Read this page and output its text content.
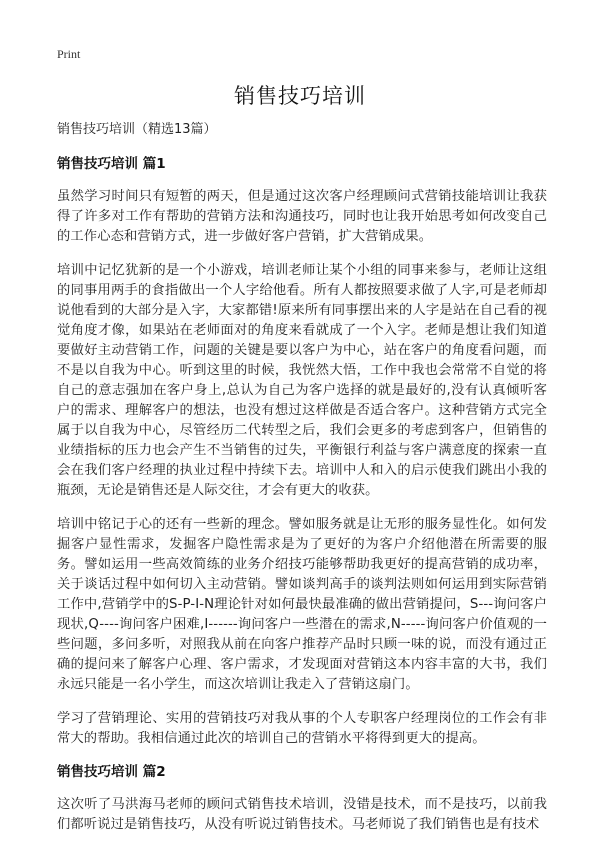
Print
销售技巧培训

销售技巧培训（精选13篇）

销售技巧培训 篇1

虽然学习时间只有短暂的两天，但是通过这次客户经理顾问式营销技能培训让我获得了许多对工作有帮助的营销方法和沟通技巧，同时也让我开始思考如何改变自己的工作心态和营销方式，进一步做好客户营销，扩大营销成果。

培训中记忆犹新的是一个小游戏，培训老师让某个小组的同事来参与，老师让这组的同事用两手的食指做出一个人字给他看。所有人都按照要求做了人字,可是老师却说他看到的大部分是入字，大家都错!原来所有同事摆出来的人字是站在自己看的视觉角度才像，如果站在老师面对的角度来看就成了一个入字。老师是想让我们知道要做好主动营销工作，问题的关键是要以客户为中心，站在客户的角度看问题，而不是以自我为中心。听到这里的时候，我恍然大悟，工作中我也会常常不自觉的将自己的意志强加在客户身上,总认为自己为客户选择的就是最好的,没有认真倾听客户的需求、理解客户的想法，也没有想过这样做是否适合客户。这种营销方式完全属于以自我为中心，尽管经历二代转型之后，我们会更多的考虑到客户，但销售的业绩指标的压力也会产生不当销售的过失，平衡银行利益与客户满意度的探索一直会在我们客户经理的执业过程中持续下去。培训中人和入的启示使我们跳出小我的瓶颈，无论是销售还是人际交往，才会有更大的收获。

培训中铭记于心的还有一些新的理念。譬如服务就是让无形的服务显性化。如何发掘客户显性需求，发掘客户隐性需求是为了更好的为客户介绍他潜在所需要的服务。譬如运用一些高效简练的业务介绍技巧能够帮助我更好的提高营销的成功率，关于谈话过程中如何切入主动营销。譬如谈判高手的谈判法则如何运用到实际营销工作中,营销学中的S-P-I-N理论针对如何最快最准确的做出营销提问，S---询问客户现状,Q----询问客户困难,I------询问客户一些潜在的需求,N-----询问客户价值观的一些问题，多问多听，对照我从前在向客户推荐产品时只顾一味的说，而没有通过正确的提问来了解客户心理、客户需求，才发现面对营销这本内容丰富的大书，我们永远只能是一名小学生，而这次培训让我走入了营销这扇门。

学习了营销理论、实用的营销技巧对我从事的个人专职客户经理岗位的工作会有非常大的帮助。我相信通过此次的培训自己的营销水平将得到更大的提高。

销售技巧培训 篇2

这次听了马洪海马老师的顾问式销售技术培训，没错是技术，而不是技巧，以前我们都听说过是销售技巧，从没有听说过销售技术。马老师说了我们销售也是有技术
